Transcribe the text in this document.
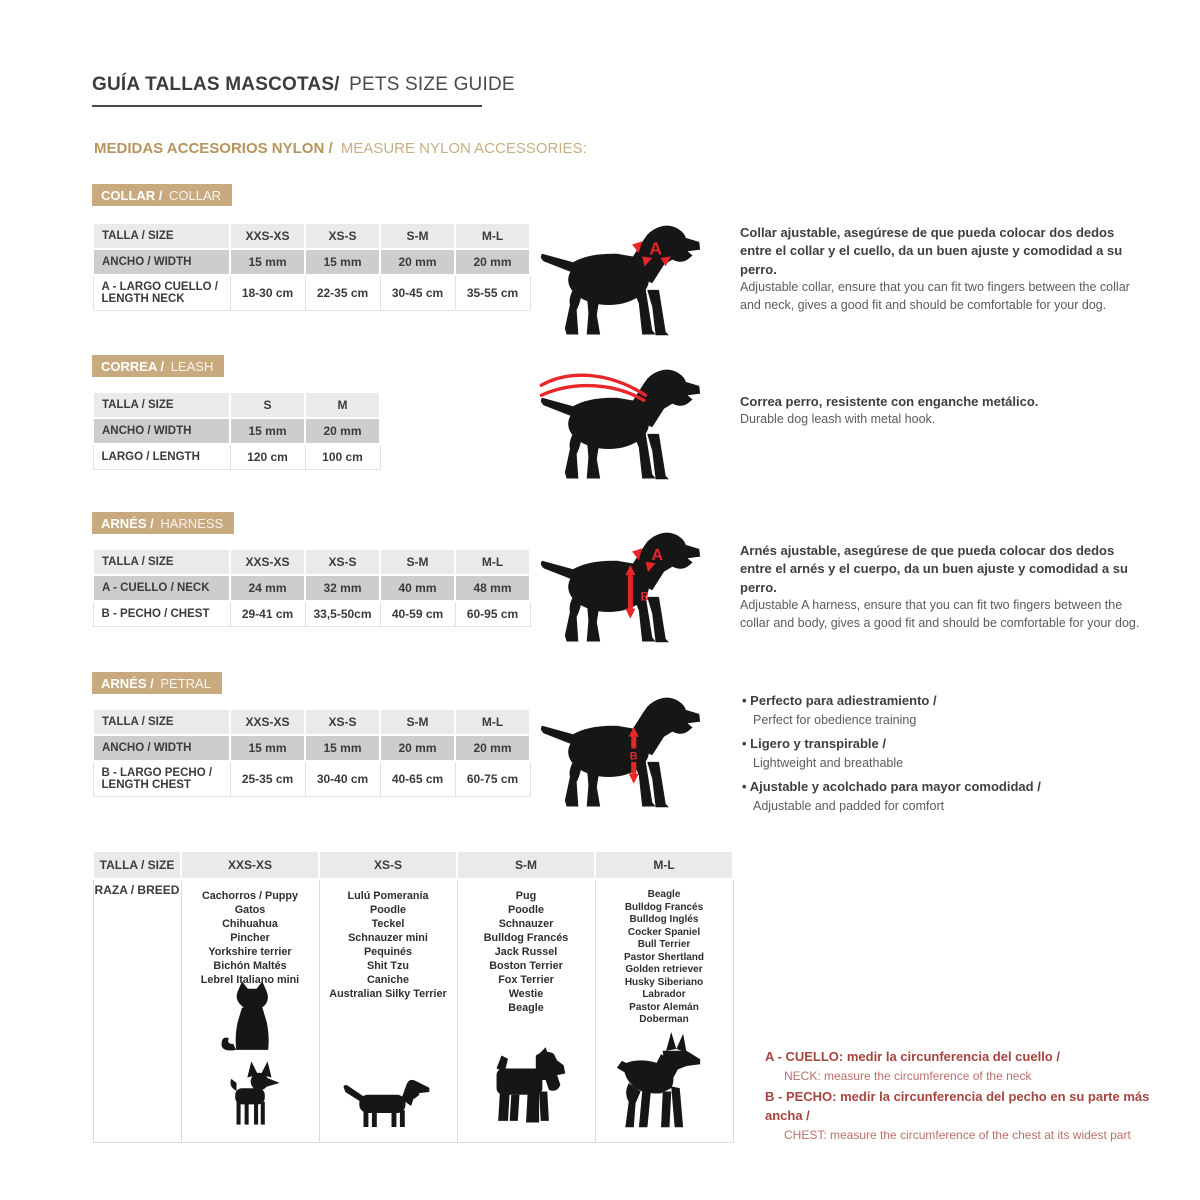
GUÍA TALLAS MASCOTAS/ PETS SIZE GUIDE
MEDIDAS ACCESORIOS NYLON / MEASURE NYLON ACCESSORIES:
COLLAR / COLLAR
TALLA / SIZE	XXS-XS	XS-S	S-M	M-L
ANCHO / WIDTH	15 mm	15 mm	20 mm	20 mm
A - LARGO CUELLO / LENGTH NECK	18-30 cm	22-35 cm	30-45 cm	35-55 cm
A
Collar ajustable, asegúrese de que pueda colocar dos dedos entre el collar y el cuello, da un buen ajuste y comodidad a su perro.
Adjustable collar, ensure that you can fit two fingers between the collar and neck, gives a good fit and should be comfortable for your dog.
CORREA / LEASH
TALLA / SIZE	S	M
ANCHO / WIDTH	15 mm	20 mm
LARGO / LENGTH	120 cm	100 cm
Correa perro, resistente con enganche metálico.
Durable dog leash with metal hook.
ARNÉS / HARNESS
TALLA / SIZE	XXS-XS	XS-S	S-M	M-L
A - CUELLO / NECK	24 mm	32 mm	40 mm	48 mm
B - PECHO / CHEST	29-41 cm	33,5-50cm	40-59 cm	60-95 cm
A
B
Arnés ajustable, asegúrese de que pueda colocar dos dedos entre el arnés y el cuerpo, da un buen ajuste y comodidad a su perro.
Adjustable A harness, ensure that you can fit two fingers between the collar and body, gives a good fit and should be comfortable for your dog.
ARNÉS / PETRAL
TALLA / SIZE	XXS-XS	XS-S	S-M	M-L
ANCHO / WIDTH	15 mm	15 mm	20 mm	20 mm
B - LARGO PECHO / LENGTH CHEST	25-35 cm	30-40 cm	40-65 cm	60-75 cm
B
• Perfecto para adiestramiento /
Perfect for obedience training
• Ligero y transpirable /
Lightweight and breathable
• Ajustable y acolchado para mayor comodidad /
Adjustable and padded for comfort
TALLA / SIZE	XXS-XS	XS-S	S-M	M-L
RAZA / BREED	Cachorros / Puppy
Gatos
Chihuahua
Pincher
Yorkshire terrier
Bichón Maltés
Lebrel Italiano mini

Lulú Pomeranía
Poodle
Teckel
Schnauzer mini
Pequinés
Shit Tzu
Caniche
Australian Silky Terrier

Pug
Poodle
Schnauzer
Bulldog Francés
Jack Russel
Boston Terrier
Fox Terrier
Westie
Beagle

Beagle
Bulldog Francés
Bulldog Inglés
Cocker Spaniel
Bull Terrier
Pastor Shertland
Golden retriever
Husky Siberiano
Labrador
Pastor Alemán
Doberman
A - CUELLO: medir la circunferencia del cuello /
NECK: measure the circumference of the neck
B - PECHO: medir la circunferencia del pecho en su parte más ancha /
CHEST: measure the circumference of the chest at its widest part
